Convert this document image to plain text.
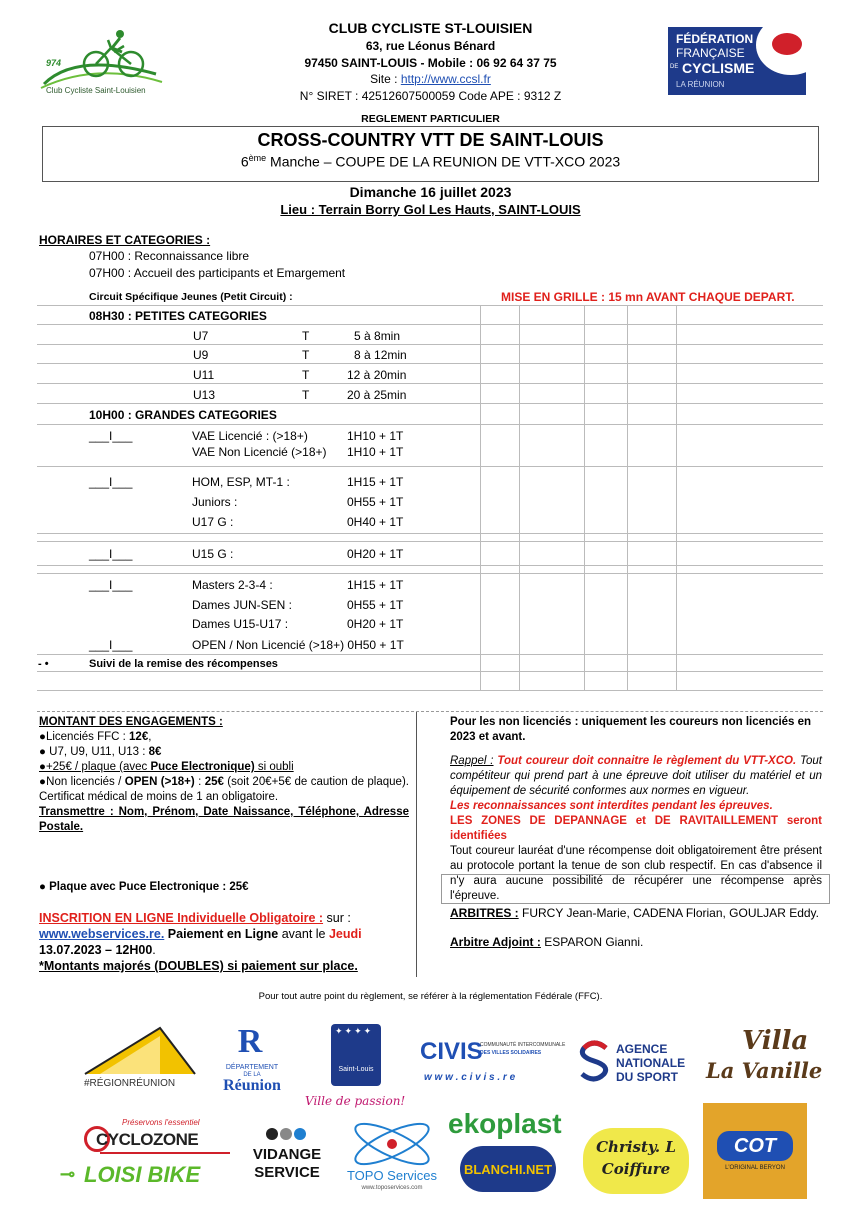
974
Club Cycliste Saint-Louisien
CLUB CYCLISTE ST-LOUISIEN
63, rue Léonus Bénard
97450 SAINT-LOUIS - Mobile : 06 92 64 37 75
Site : http://www.ccsl.fr
N° SIRET : 42512607500059 Code APE : 9312 Z
FÉDÉRATION
FRANÇAISE
DE CYCLISME
LA RÉUNION
REGLEMENT PARTICULIER
CROSS-COUNTRY VTT DE SAINT-LOUIS
6ème Manche – COUPE DE LA REUNION DE VTT-XCO 2023
Dimanche 16 juillet 2023
Lieu : Terrain Borry Gol Les Hauts, SAINT-LOUIS
HORAIRES ET CATEGORIES :
07H00 : Reconnaissance libre
07H00 : Accueil des participants et Emargement
Circuit Spécifique Jeunes (Petit Circuit) :	MISE EN GRILLE : 15 mn AVANT CHAQUE DEPART.
08H30 : PETITES CATEGORIES
U7	T	5 à 8min
U9	T	8 à 12min
U11	T	12 à 20min
U13	T	20 à 25min
10H00 : GRANDES CATEGORIES
___I___	VAE Licencié : (>18+)	1H10 + 1T
VAE Non Licencié (>18+) 1H10 + 1T
___I___	HOM, ESP, MT-1 :	1H15 + 1T
Juniors :	0H55 + 1T
U17 G :	0H40 + 1T
___I___	U15 G :	0H20 + 1T
___I___	Masters 2-3-4 :	1H15 + 1T
Dames JUN-SEN :	0H55 + 1T
Dames U15-U17 :	0H20 + 1T
___I___	OPEN / Non Licencié (>18+) 0H50 + 1T
- •	Suivi de la remise des récompenses
MONTANT DES ENGAGEMENTS :
●Licenciés FFC : 12€,
● U7, U9, U11, U13 : 8€
●+25€ / plaque (avec Puce Electronique) si oubli
●Non licenciés / OPEN (>18+) : 25€ (soit 20€+5€ de caution de plaque). Certificat médical de moins de 1 an obligatoire.
Transmettre : Nom, Prénom, Date Naissance, Téléphone, Adresse Postale.
● Plaque avec Puce Electronique : 25€
INSCRITION EN LIGNE Individuelle Obligatoire : sur :
www.webservices.re. Paiement en Ligne avant le Jeudi 13.07.2023 – 12H00.
*Montants majorés (DOUBLES) si paiement sur place.
Pour les non licenciés : uniquement les coureurs non licenciés en 2023 et avant.
Rappel : Tout coureur doit connaitre le règlement du VTT-XCO. Tout compétiteur qui prend part à une épreuve doit utiliser du matériel et un équipement de sécurité conformes aux normes en vigueur.
Les reconnaissances sont interdites pendant les épreuves.
LES ZONES DE DEPANNAGE et DE RAVITAILLEMENT seront identifiées
Tout coureur lauréat d'une récompense doit obligatoirement être présent au protocole portant la tenue de son club respectif. En cas d'absence il n'y aura aucune possibilité de récupérer une récompense après l'épreuve.
ARBITRES : FURCY Jean-Marie, CADENA Florian, GOULJAR Eddy.
Arbitre Adjoint : ESPARON Gianni.
Pour tout autre point du règlement, se référer à la réglementation Fédérale (FFC).
#RÉGIONRÉUNION
R
DÉPARTEMENT
DE LA
Réunion
✦✦✦✦
Saint-Louis
Ville de passion!
CIVIS
COMMUNAUTÉ INTERCOMMUNALE
DES VILLES SOLIDAIRES
w w w . c i v i s . r e
AGENCE
NATIONALE
DU SPORT
Villa
La Vanille
Préservons l'essentiel
CYCLOZONE
⊸ LOISI BIKE
VIDANGE
SERVICE	TOPO Services
www.toposervices.com
ekoplast
BLANCHI.NET
Christy. L
Coiffure
COT
L'ORIGINAL BERYON
